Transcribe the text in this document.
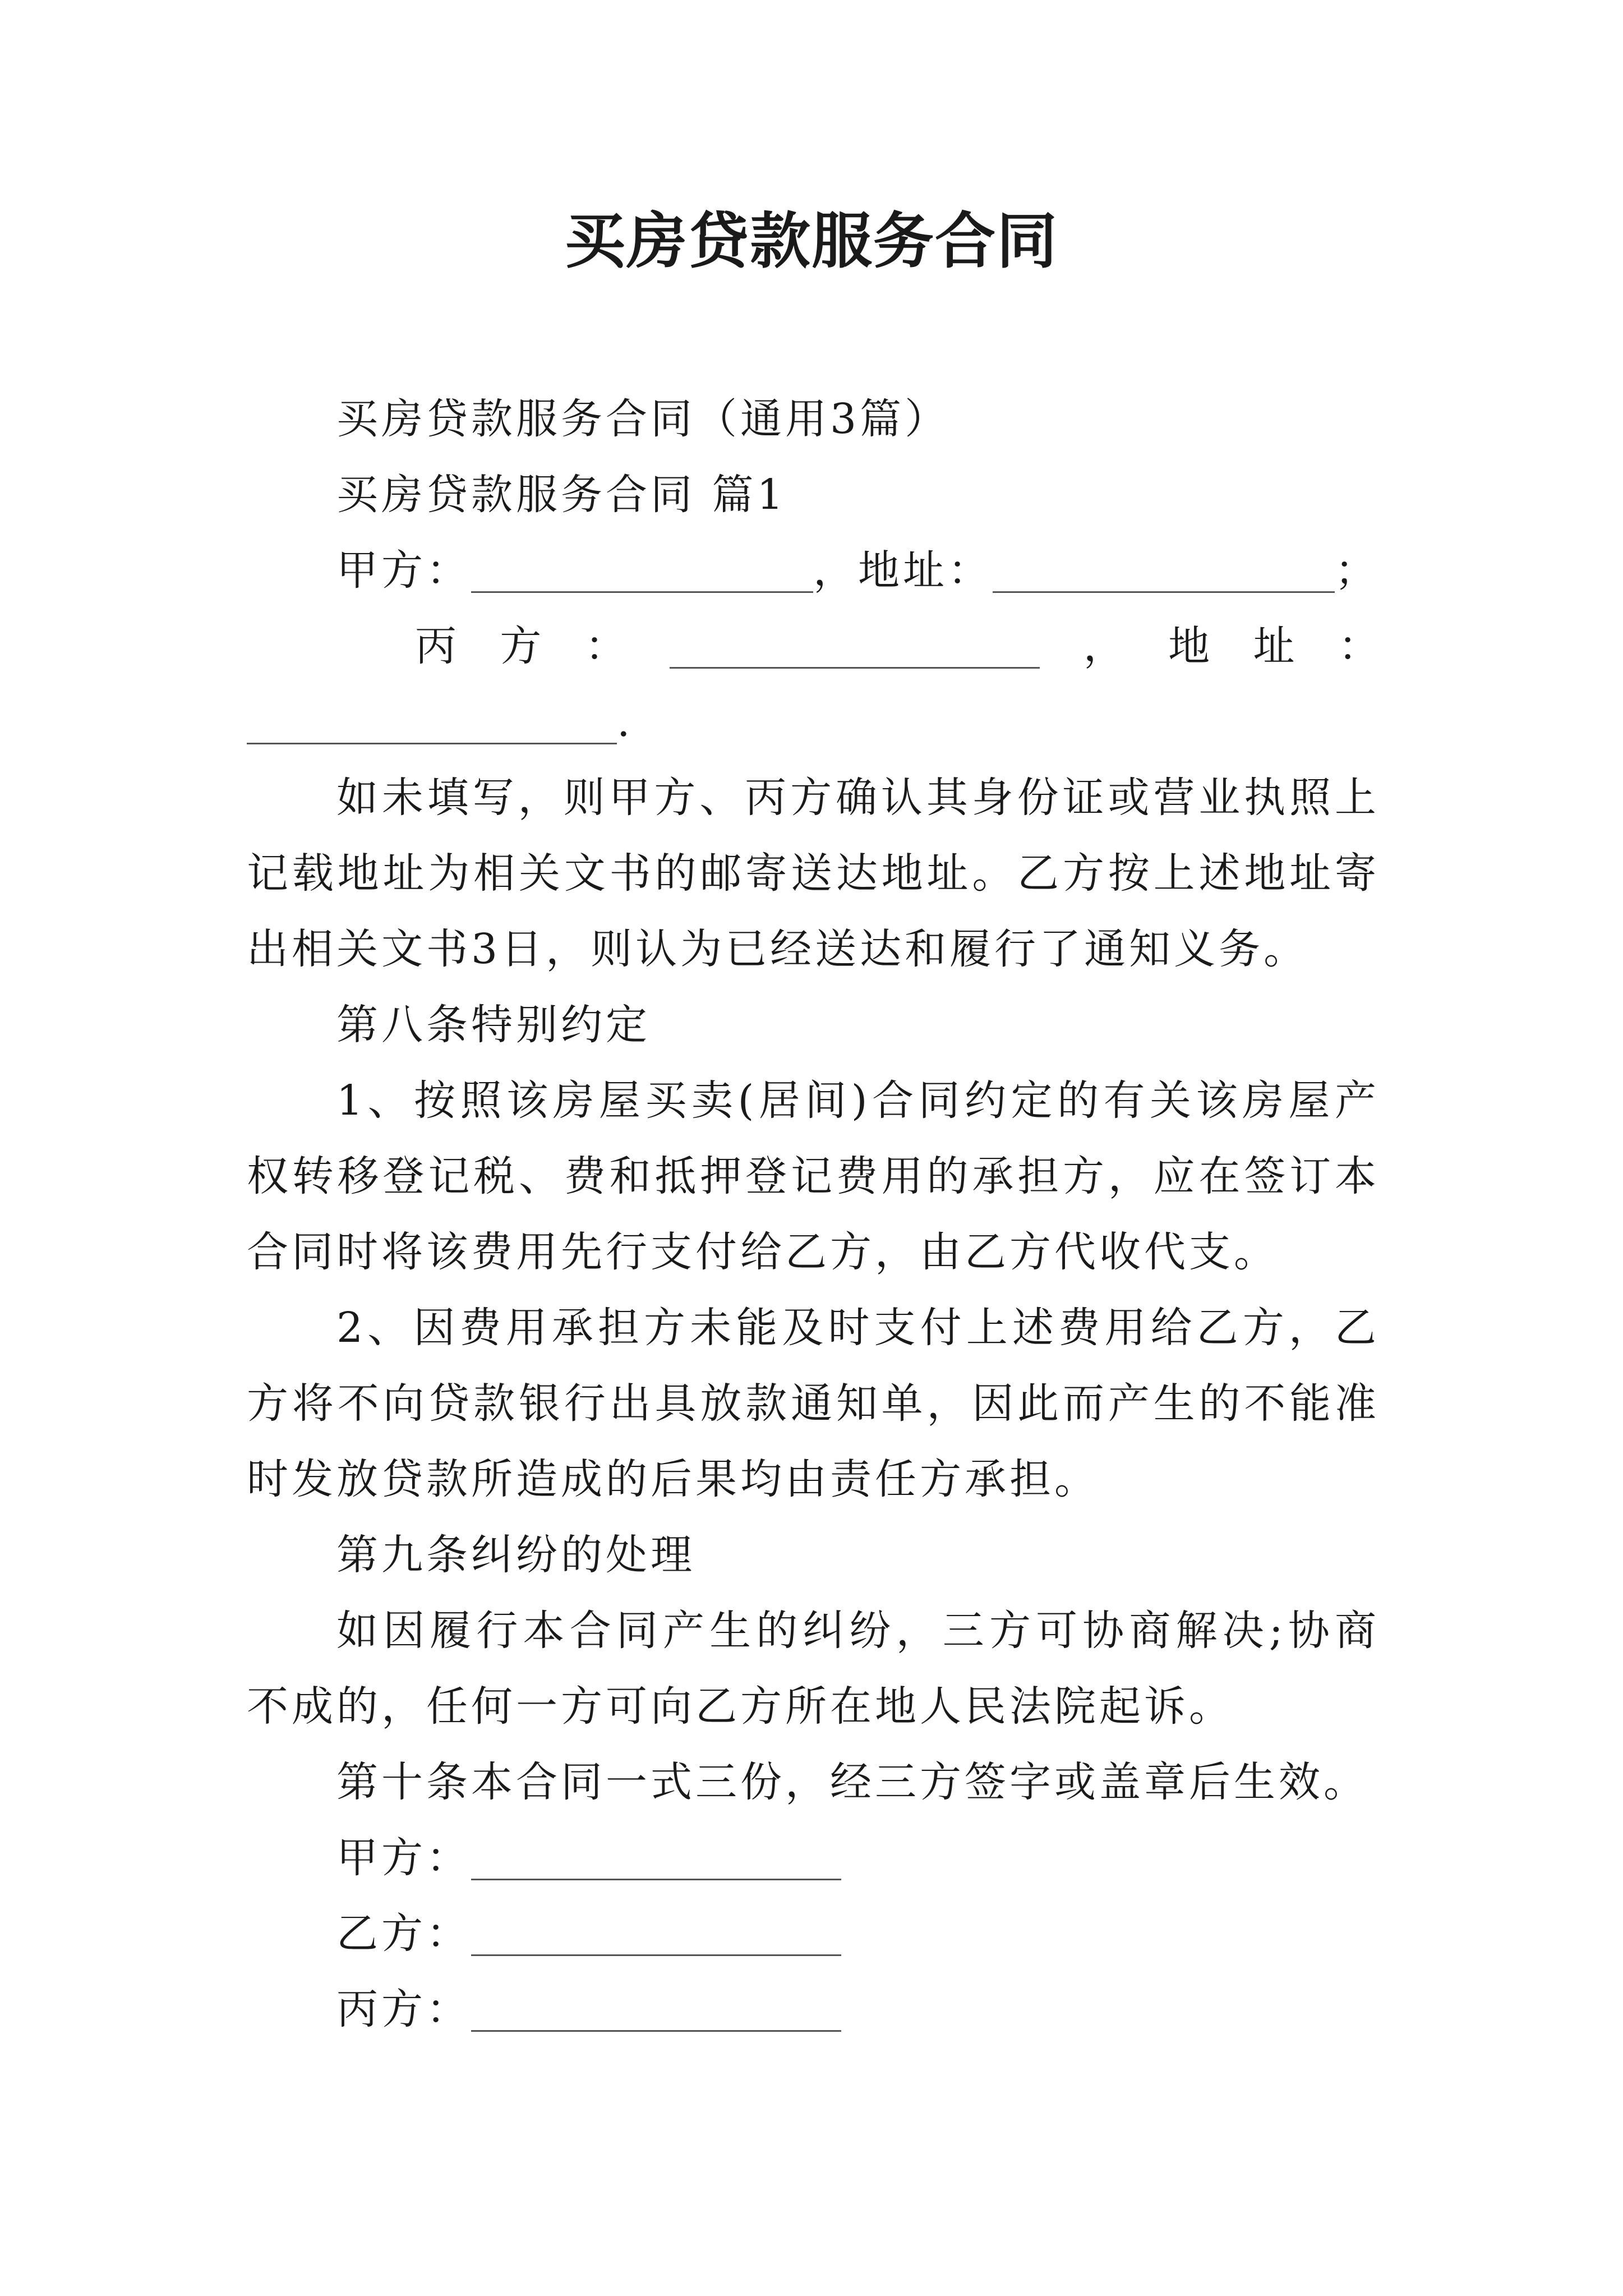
买房贷款服务合同
买房贷款服务合同（通用3篇）
买房贷款服务合同 篇1
甲方：	，地址：	；
丙 方 ：	， 地 址 ：
.

如未填写，则甲方、丙方确认其身份证或营业执照上记载地址为相关文书的邮寄送达地址。乙方按上述地址寄出相关文书3日，则认为已经送达和履行了通知义务。

第八条特别约定

1、按照该房屋买卖(居间)合同约定的有关该房屋产权转移登记税、费和抵押登记费用的承担方，应在签订本合同时将该费用先行支付给乙方，由乙方代收代支。

2、因费用承担方未能及时支付上述费用给乙方，乙方将不向贷款银行出具放款通知单，因此而产生的不能准时发放贷款所造成的后果均由责任方承担。

第九条纠纷的处理

如因履行本合同产生的纠纷，三方可协商解决;协商不成的，任何一方可向乙方所在地人民法院起诉。

第十条本合同一式三份，经三方签字或盖章后生效。

甲方：
乙方：
丙方：
